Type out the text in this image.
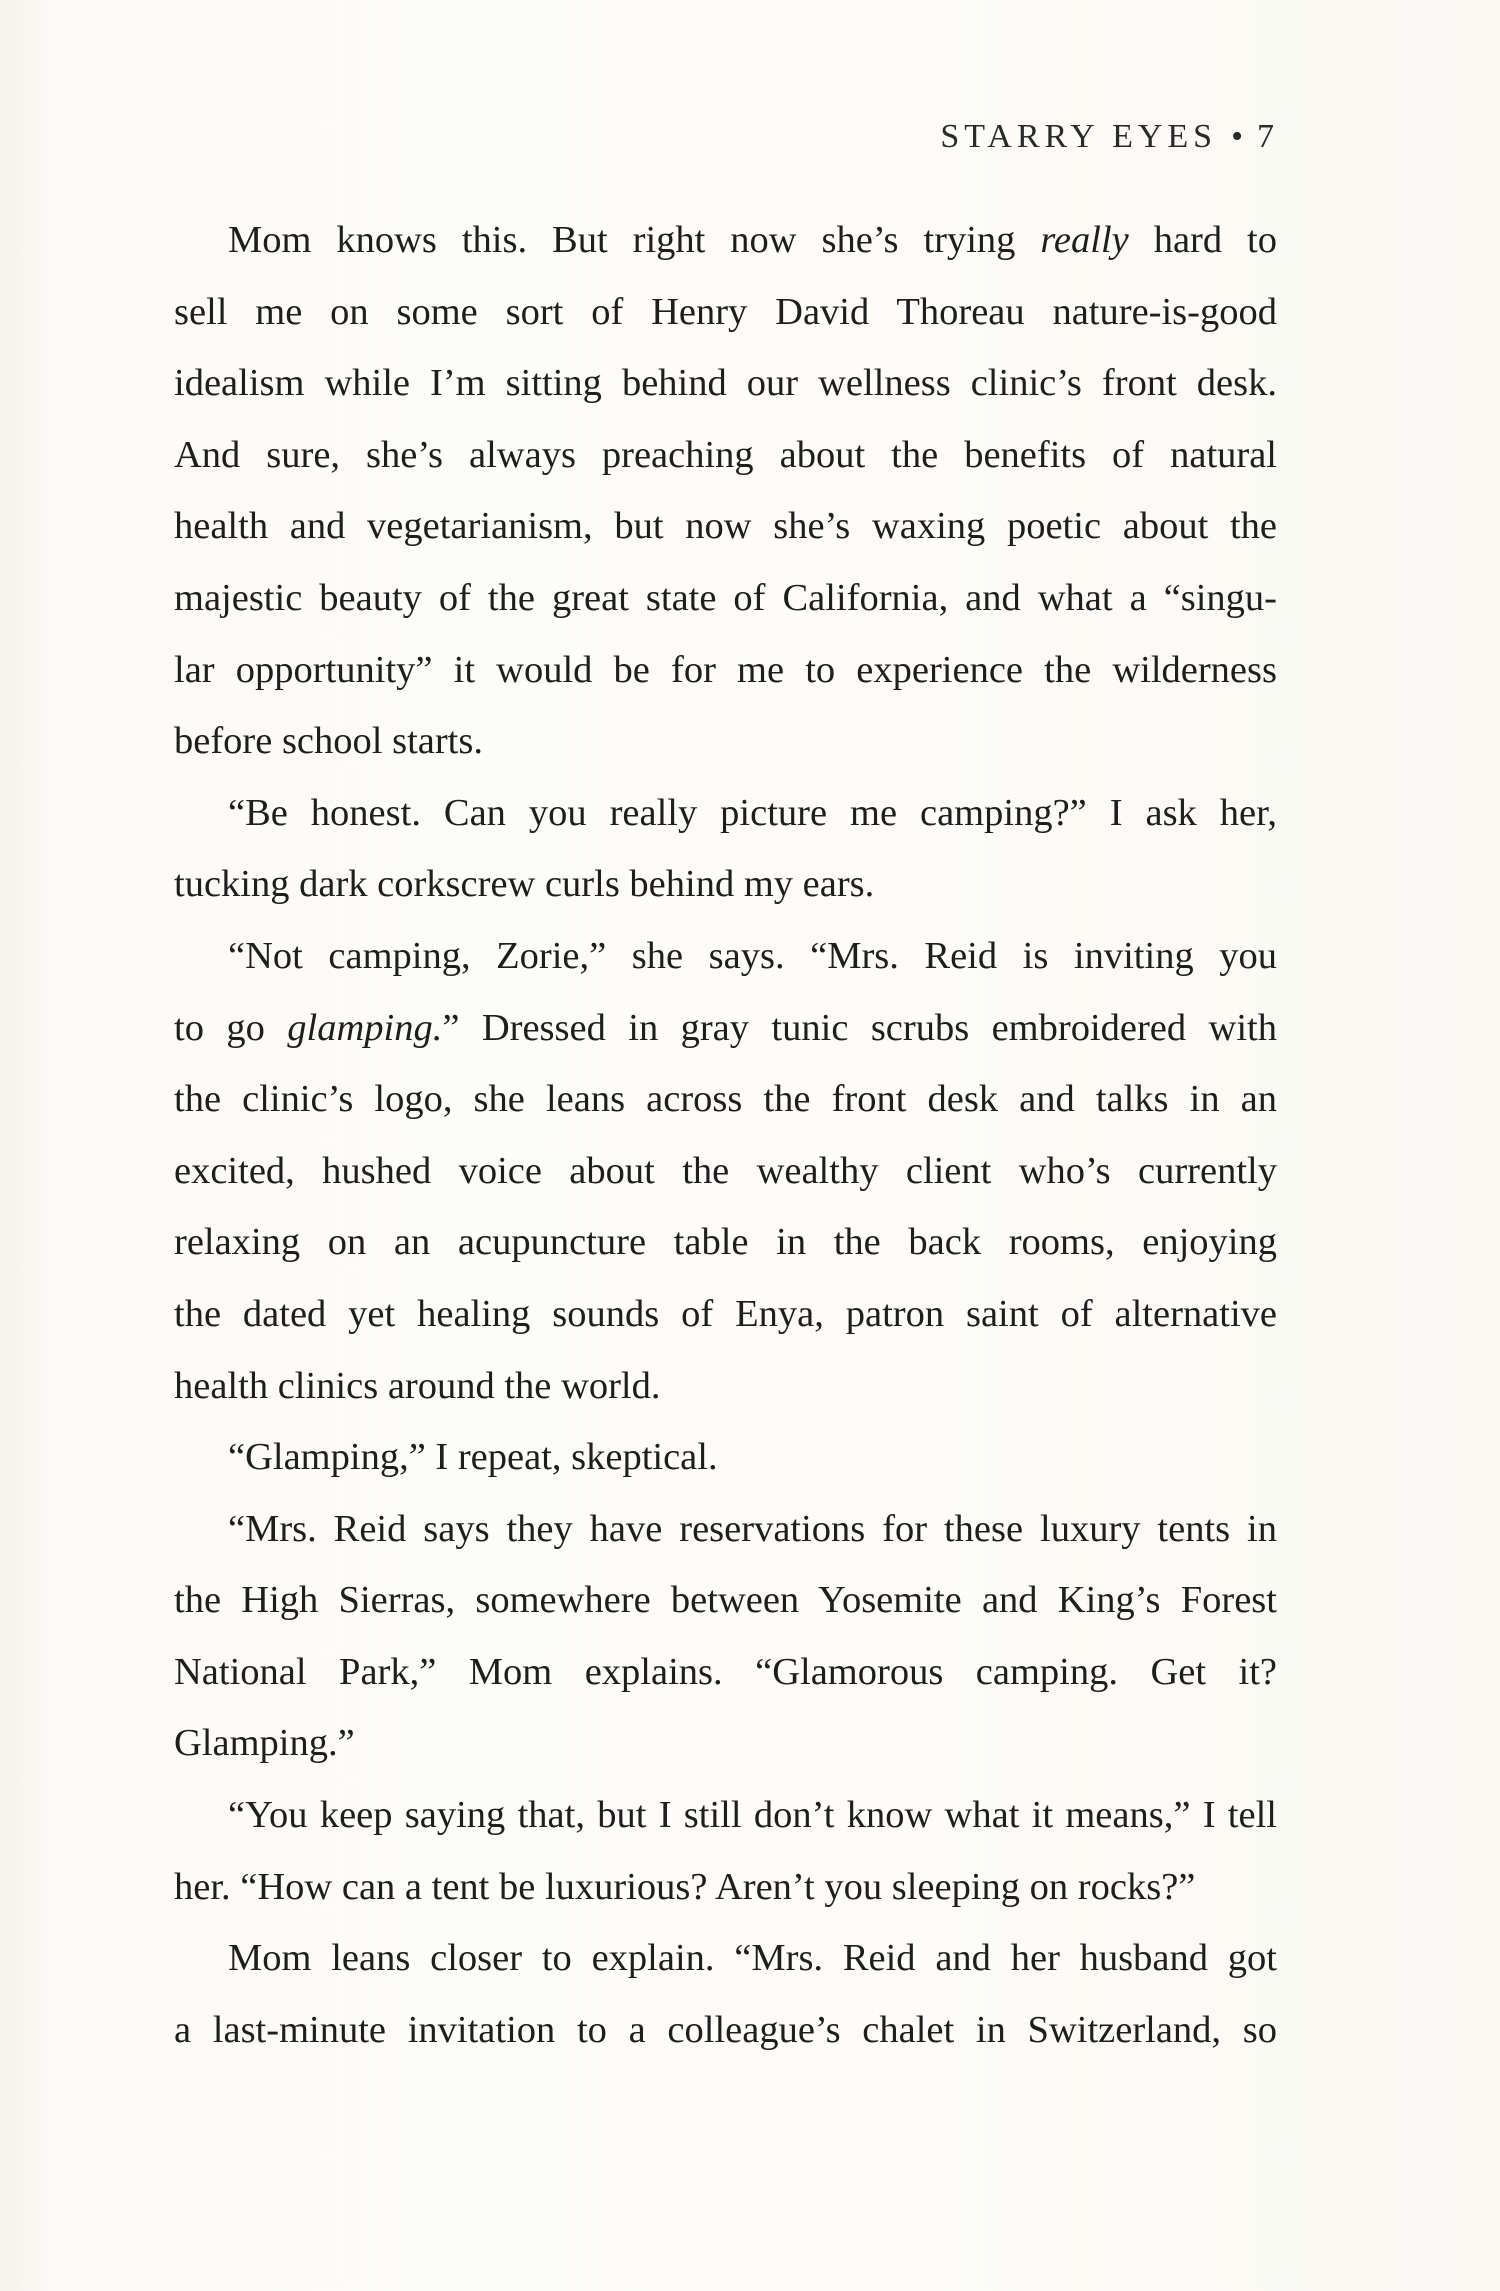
STARRY EYES • 7

Mom knows this. But right now she’s trying really hard to
sell me on some sort of Henry David Thoreau nature-is-good
idealism while I’m sitting behind our wellness clinic’s front desk.
And sure, she’s always preaching about the benefits of natural
health and vegetarianism, but now she’s waxing poetic about the
majestic beauty of the great state of California, and what a “singu-
lar opportunity” it would be for me to experience the wilderness
before school starts.

“Be honest. Can you really picture me camping?” I ask her,
tucking dark corkscrew curls behind my ears.

“Not camping, Zorie,” she says. “Mrs. Reid is inviting you
to go glamping.” Dressed in gray tunic scrubs embroidered with
the clinic’s logo, she leans across the front desk and talks in an
excited, hushed voice about the wealthy client who’s currently
relaxing on an acupuncture table in the back rooms, enjoying
the dated yet healing sounds of Enya, patron saint of alternative
health clinics around the world.

“Glamping,” I repeat, skeptical.

“Mrs. Reid says they have reservations for these luxury tents in
the High Sierras, somewhere between Yosemite and King’s Forest
National Park,” Mom explains. “Glamorous camping. Get it?
Glamping.”

“You keep saying that, but I still don’t know what it means,” I tell
her. “How can a tent be luxurious? Aren’t you sleeping on rocks?”

Mom leans closer to explain. “Mrs. Reid and her husband got
a last-minute invitation to a colleague’s chalet in Switzerland, so
